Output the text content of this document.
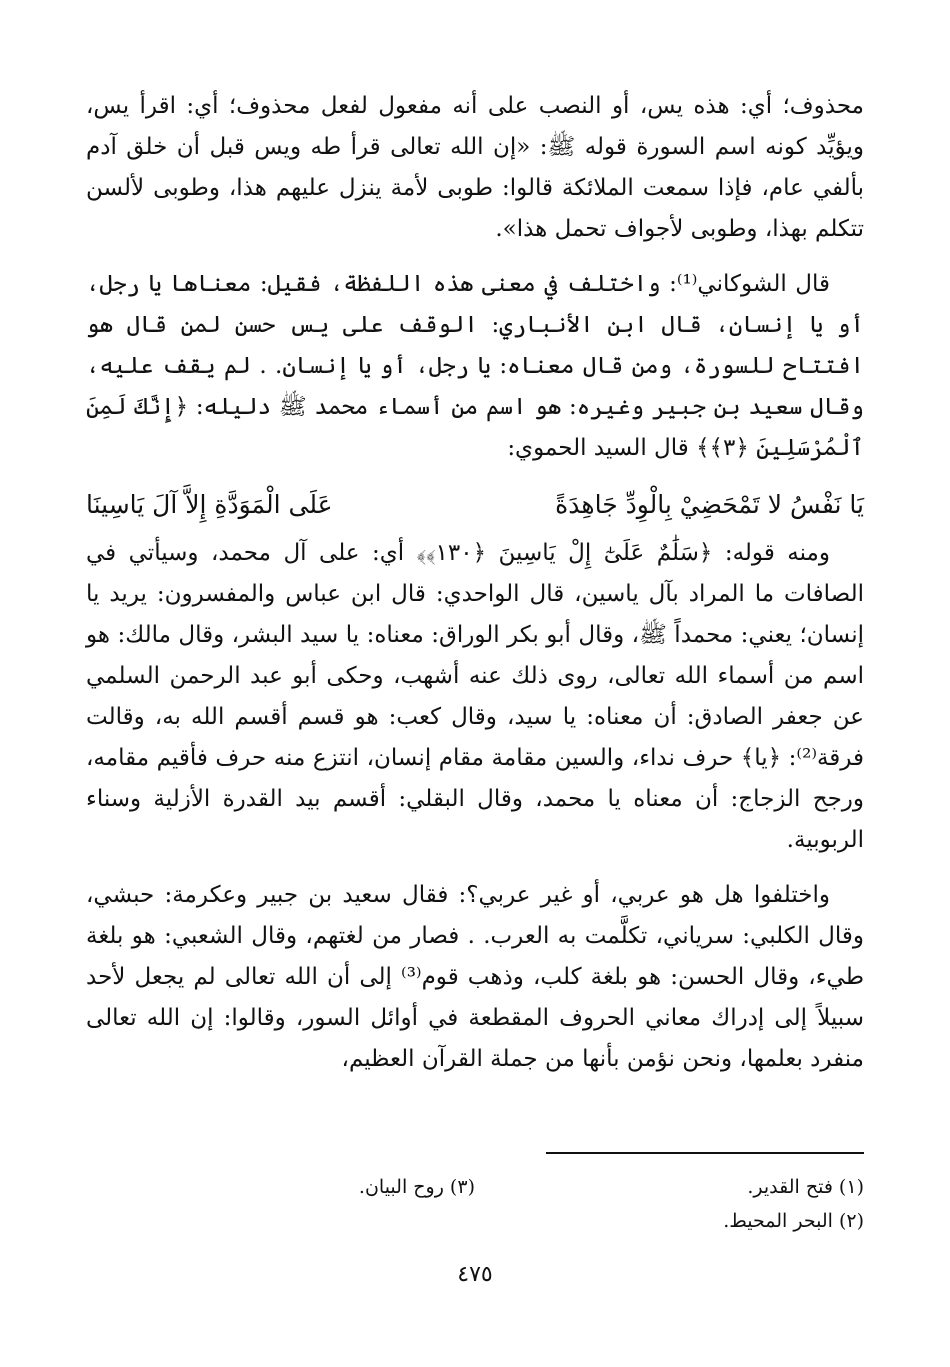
محذوف؛ أي: هذه يس، أو النصب على أنه مفعول لفعل محذوف؛ أي: اقرأ يس، ويؤيِّد كونه اسم السورة قوله ﷺ: «إن الله تعالى قرأ طه ويس قبل أن خلق آدم بألفي عام، فإذا سمعت الملائكة قالوا: طوبى لأمة ينزل عليهم هذا، وطوبى لألسن تتكلم بهذا، وطوبى لأجواف تحمل هذا».

قال الشوكاني⁽¹⁾: واختلف في معنى هذه اللفظة، فقيل: معناها يا رجل، أو يا إنسان، قال ابن الأنباري: الوقف على يس حسن لمن قال هو افتتاح للسورة، ومن قال معناه: يا رجل، أو يا إنسان. . لم يقف عليه، وقال سعيد بن جبير وغيره: هو اسم من أسماء محمد ﷺ دليله: ﴿إِنَّكَ لَمِنَ ٱلْمُرْسَلِينَ ﴿٣﴾﴾ قال السيد الحموي:

يَا نَفْسُ لا تَمْحَضِيْ بِالْوِدِّ جَاهِدَةً
عَلَى الْمَوَدَّةِ إِلاَّ آلَ يَاسِينَا

ومنه قوله: ﴿سَلَٰمٌ عَلَىٰٓ إِلْ يَاسِينَ ﴿١٣٠﴾﴾ أي: على آل محمد، وسيأتي في الصافات ما المراد بآل ياسين، قال الواحدي: قال ابن عباس والمفسرون: يريد يا إنسان؛ يعني: محمداً ﷺ، وقال أبو بكر الوراق: معناه: يا سيد البشر، وقال مالك: هو اسم من أسماء الله تعالى، روى ذلك عنه أشهب، وحكى أبو عبد الرحمن السلمي عن جعفر الصادق: أن معناه: يا سيد، وقال كعب: هو قسم أقسم الله به، وقالت فرقة⁽²⁾: ﴿يا﴾ حرف نداء، والسين مقامة مقام إنسان، انتزع منه حرف فأقيم مقامه، ورجح الزجاج: أن معناه يا محمد، وقال البقلي: أقسم بيد القدرة الأزلية وسناء الربوبية.

واختلفوا هل هو عربي، أو غير عربي؟: فقال سعيد بن جبير وعكرمة: حبشي، وقال الكلبي: سرياني، تكلَّمت به العرب. . فصار من لغتهم، وقال الشعبي: هو بلغة طيء، وقال الحسن: هو بلغة كلب، وذهب قوم⁽³⁾ إلى أن الله تعالى لم يجعل لأحد سبيلاً إلى إدراك معاني الحروف المقطعة في أوائل السور، وقالوا: إن الله تعالى منفرد بعلمها، ونحن نؤمن بأنها من جملة القرآن العظيم،

(١) فتح القدير.
(٣) روح البيان.
(٢) البحر المحيط.
٤٧٥
